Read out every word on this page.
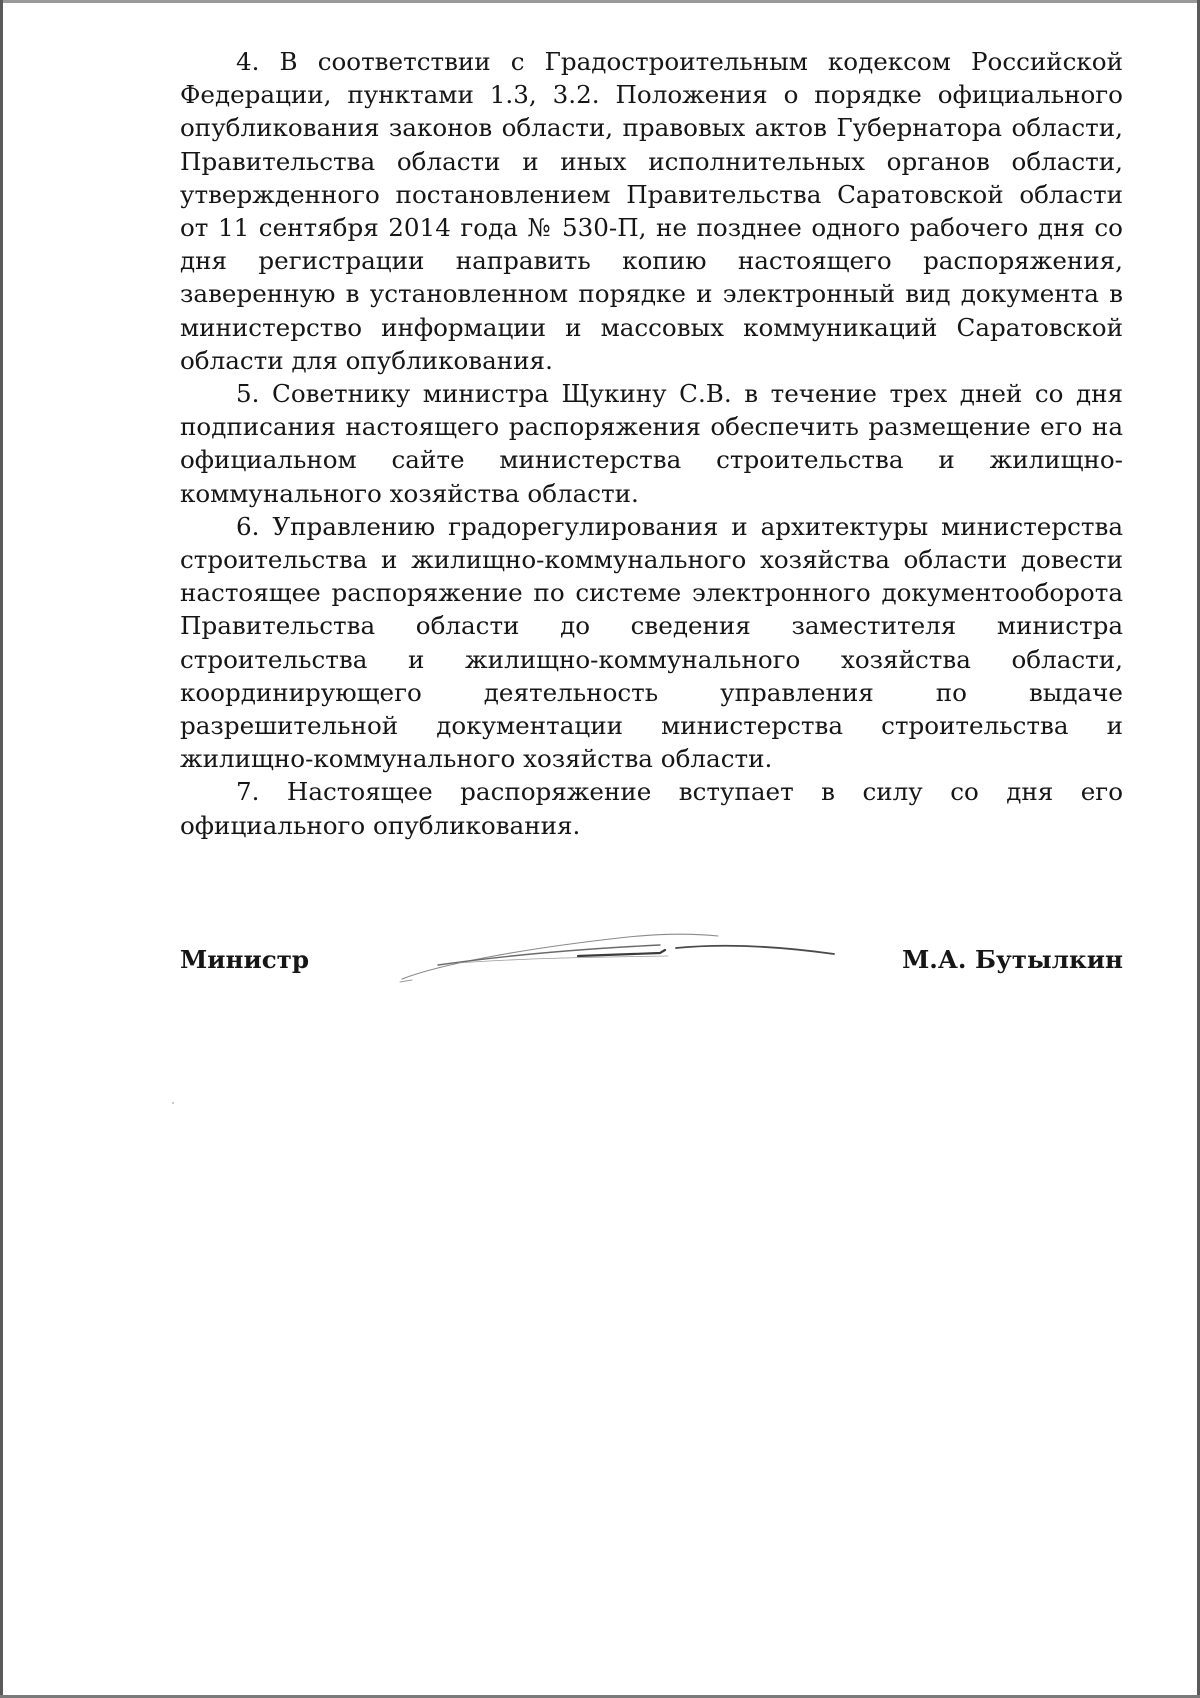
4. В соответствии с Градостроительным кодексом Российской Федерации, пунктами 1.3, 3.2. Положения о порядке официального опубликования законов области, правовых актов Губернатора области, Правительства области и иных исполнительных органов области, утвержденного постановлением Правительства Саратовской области от 11 сентября 2014 года № 530-П, не позднее одного рабочего дня со дня регистрации направить копию настоящего распоряжения, заверенную в установленном порядке и электронный вид документа в министерство информации и массовых коммуникаций Саратовской области для опубликования.

5. Советнику министра Щукину С.В. в течение трех дней со дня подписания настоящего распоряжения обеспечить размещение его на официальном сайте министерства строительства и жилищно-коммунального хозяйства области.

6. Управлению градорегулирования и архитектуры министерства строительства и жилищно-коммунального хозяйства области довести настоящее распоряжение по системе электронного документооборота Правительства области до сведения заместителя министра строительства и жилищно-коммунального хозяйства области, координирующего деятельность управления по выдаче разрешительной документации министерства строительства и жилищно-коммунального хозяйства области.

7. Настоящее распоряжение вступает в силу со дня его официального опубликования.

Министр	М.А. Бутылкин
